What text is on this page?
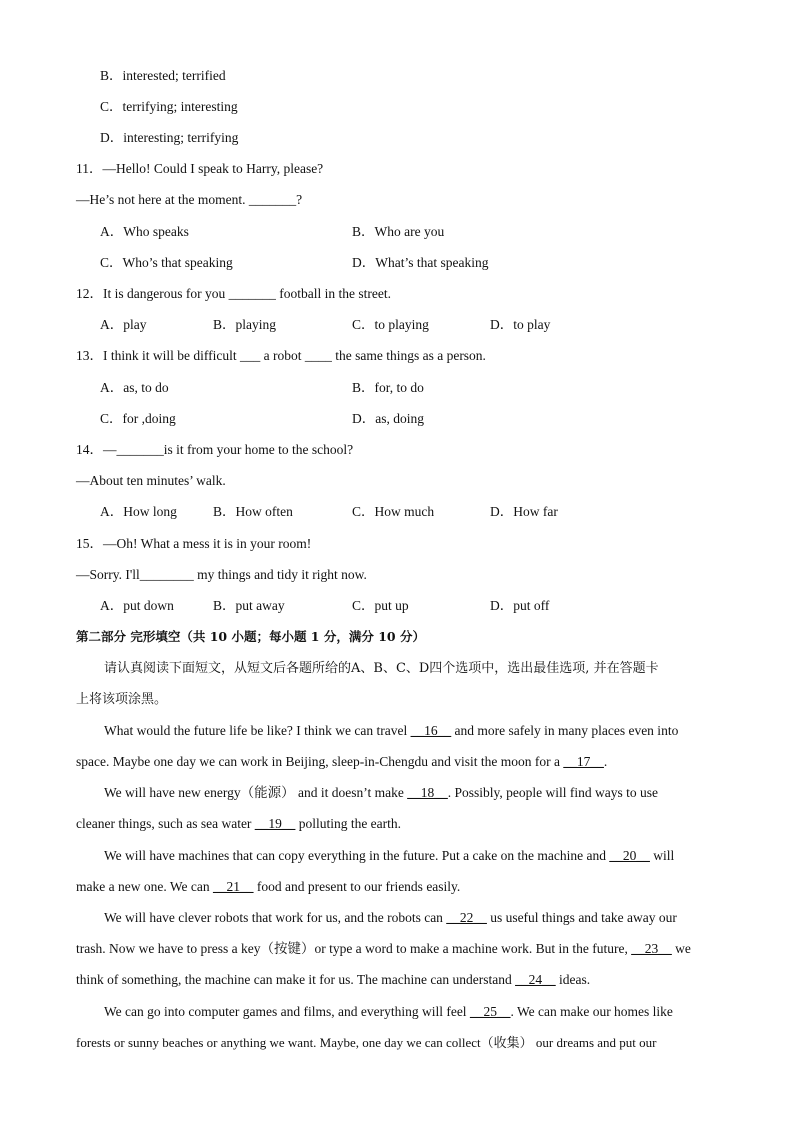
B．interested; terrified
C．terrifying; interesting
D．interesting; terrifying
11．—Hello! Could I speak to Harry, please?
—He’s not here at the moment. _______?
A．Who speaks	B．Who are you
C．Who’s that speaking	D．What’s that speaking
12．It is dangerous for you _______ football in the street.
A．play	B．playing	C．to playing	D．to play
13．I think it will be difficult ___ a robot ____ the same things as a person.
A．as, to do	B．for, to do
C．for ,doing	D．as, doing
14．—_______is it from your home to the school?
—About ten minutes’ walk.
A．How long	B．How often	C．How much	D．How far
15．—Oh! What a mess it is in your room!
—Sorry. I'll________ my things and tidy it right now.
A．put down	B．put away	C．put up	D．put off
第二部分 完形填空（共 10 小题；每小题 1 分，满分 10 分）
请认真阅读下面短文，从短文后各题所给的A、B、C、D四个选项中，选出最佳选项, 并在答题卡
上将该项涂黑。
What would the future life be like? I think we can travel __16__ and more safely in many places even into
space. Maybe one day we can work in Beijing, sleep-in-Chengdu and visit the moon for a __17__.
We will have new energy（能源） and it doesn’t make __18__. Possibly, people will find ways to use
cleaner things, such as sea water __19__ polluting the earth.
We will have machines that can copy everything in the future. Put a cake on the machine and __20__ will
make a new one. We can __21__ food and present to our friends easily.
We will have clever robots that work for us, and the robots can __22__ us useful things and take away our
trash. Now we have to press a key（按键）or type a word to make a machine work. But in the future, __23__ we
think of something, the machine can make it for us. The machine can understand __24__ ideas.
We can go into computer games and films, and everything will feel __25__. We can make our homes like
forests or sunny beaches or anything we want. Maybe, one day we can collect（收集） our dreams and put our
